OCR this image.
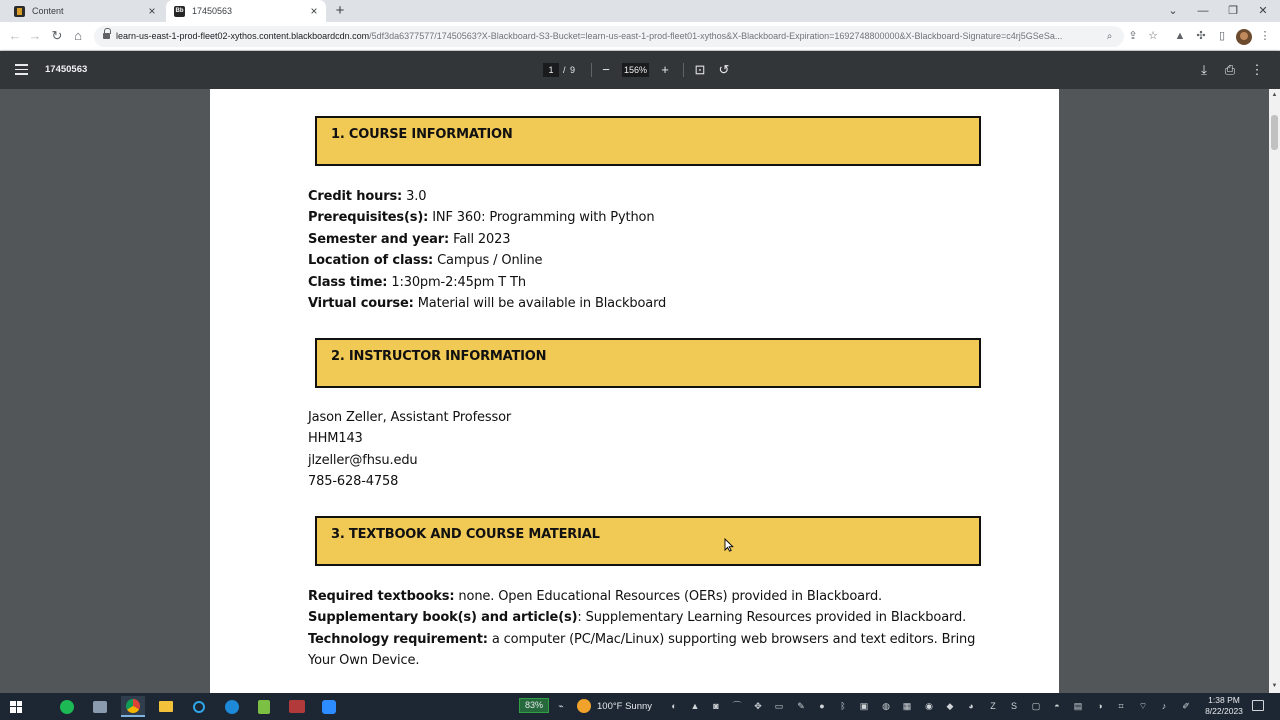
Content	×	Bb 17450563	×	+	⌄	—	❐	✕
← → ↻ ⌂	learn-us-east-1-prod-fleet02-xythos.content.blackboardcdn.com/5df3da6377577/17450563?X-Blackboard-S3-Bucket=learn-us-east-1-prod-fleet01-xythos&X-Blackboard-Expiration=1692748800000&X-Blackboard-Signature=c4rj5GSeSa...	⌕	⇪ ☆ ▲ ✣	▯	⋮
17450563	1	/ 9	−	156%	+	⊡ ↺	⤓	⎙ ⋮
1. COURSE INFORMATION
Credit hours: 3.0
Prerequisites(s): INF 360: Programming with Python
Semester and year: Fall 2023
Location of class: Campus / Online
Class time: 1:30pm-2:45pm T Th
Virtual course: Material will be available in Blackboard
2. INSTRUCTOR INFORMATION
Jason Zeller, Assistant Professor
HHM143
jlzeller@fhsu.edu
785-628-4758
3. TEXTBOOK AND COURSE MATERIAL
Required textbooks: none. Open Educational Resources (OERs) provided in Blackboard.
Supplementary book(s) and article(s): Supplementary Learning Resources provided in Blackboard.
Technology requirement: a computer (PC/Mac/Linux) supporting web browsers and text editors. Bring
Your Own Device.
▲
▼
83%	⌁	100°F Sunny	◐	▲	◙	⌒ ✥ ▭ ✎	●	ᛒ	▣ ◍ ▦ ◉ ◆	◕	Z	S	▢	◓	▤	◑	⌗	⌔	♪	✐
1:38 PM
8/22/2023
